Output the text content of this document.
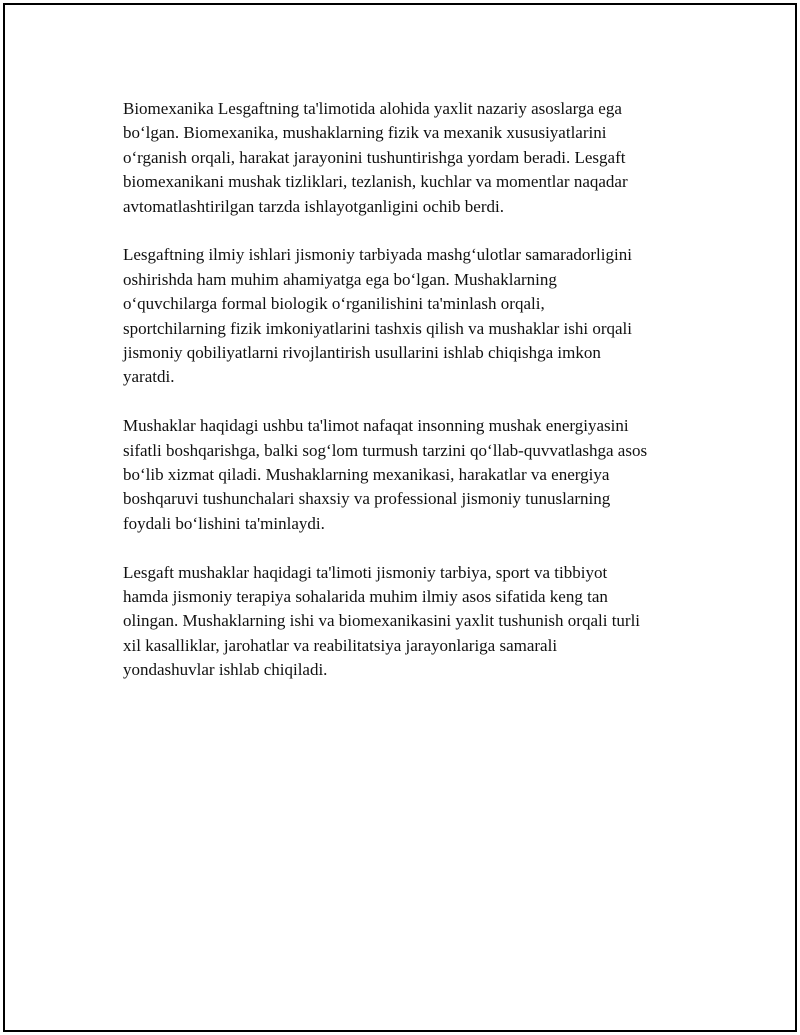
Biomexanika Lesgaftning ta'limotida alohida yaxlit nazariy asoslarga ega
bo‘lgan. Biomexanika, mushaklarning fizik va mexanik xususiyatlarini
o‘rganish orqali, harakat jarayonini tushuntirishga yordam beradi. Lesgaft
biomexanikani mushak tizliklari, tezlanish, kuchlar va momentlar naqadar
avtomatlashtirilgan tarzda ishlayotganligini ochib berdi.

Lesgaftning ilmiy ishlari jismoniy tarbiyada mashg‘ulotlar samaradorligini
oshirishda ham muhim ahamiyatga ega bo‘lgan. Mushaklarning
o‘quvchilarga formal biologik o‘rganilishini ta'minlash orqali,
sportchilarning fizik imkoniyatlarini tashxis qilish va mushaklar ishi orqali
jismoniy qobiliyatlarni rivojlantirish usullarini ishlab chiqishga imkon
yaratdi.

Mushaklar haqidagi ushbu ta'limot nafaqat insonning mushak energiyasini
sifatli boshqarishga, balki sog‘lom turmush tarzini qo‘llab-quvvatlashga asos
bo‘lib xizmat qiladi. Mushaklarning mexanikasi, harakatlar va energiya
boshqaruvi tushunchalari shaxsiy va professional jismoniy tunuslarning
foydali bo‘lishini ta'minlaydi.

Lesgaft mushaklar haqidagi ta'limoti jismoniy tarbiya, sport va tibbiyot
hamda jismoniy terapiya sohalarida muhim ilmiy asos sifatida keng tan
olingan. Mushaklarning ishi va biomexanikasini yaxlit tushunish orqali turli
xil kasalliklar, jarohatlar va reabilitatsiya jarayonlariga samarali
yondashuvlar ishlab chiqiladi.
